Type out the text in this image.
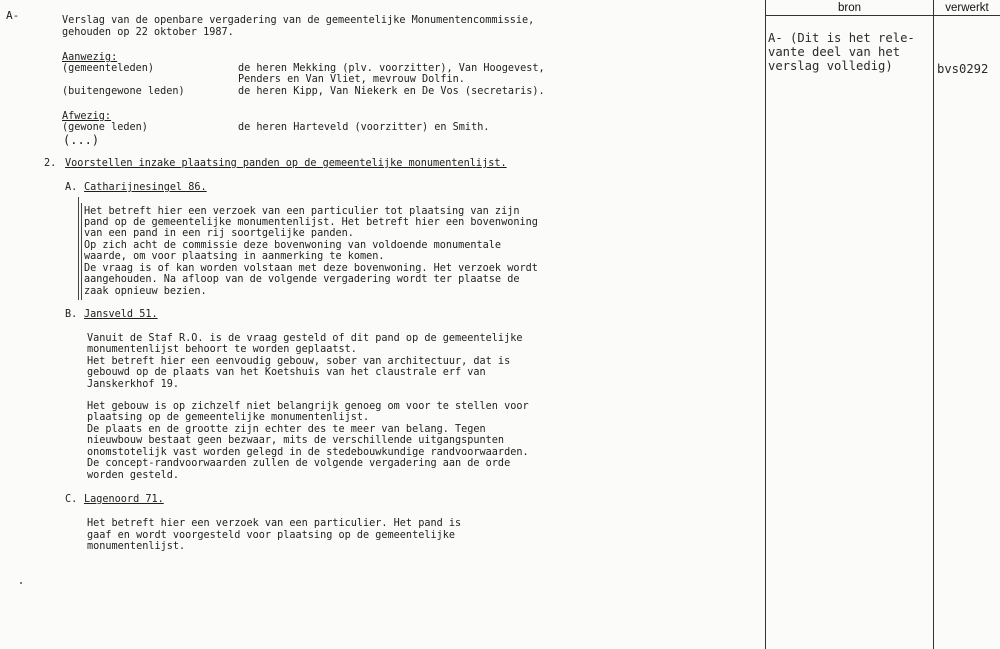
A-	Verslag van de openbare vergadering van de gemeentelijke Monumentencommissie,
gehouden op 22 oktober 1987.
Aanwezig:
(gemeenteleden)	de heren Mekking (plv. voorzitter), Van Hoogevest,
Penders en Van Vliet, mevrouw Dolfin.
(buitengewone leden)	de heren Kipp, Van Niekerk en De Vos (secretaris).
Afwezig:
(gewone leden)	de heren Harteveld (voorzitter) en Smith.
(...)
2. Voorstellen inzake plaatsing panden op de gemeentelijke monumentenlijst.
A. Catharijnesingel 86.
Het betreft hier een verzoek van een particulier tot plaatsing van zijn
pand op de gemeentelijke monumentenlijst. Het betreft hier een bovenwoning
van een pand in een rij soortgelijke panden.
Op zich acht de commissie deze bovenwoning van voldoende monumentale
waarde, om voor plaatsing in aanmerking te komen.
De vraag is of kan worden volstaan met deze bovenwoning. Het verzoek wordt
aangehouden. Na afloop van de volgende vergadering wordt ter plaatse de
zaak opnieuw bezien.
B. Jansveld 51.
Vanuit de Staf R.O. is de vraag gesteld of dit pand op de gemeentelijke
monumentenlijst behoort te worden geplaatst.
Het betreft hier een eenvoudig gebouw, sober van architectuur, dat is
gebouwd op de plaats van het Koetshuis van het claustrale erf van
Janskerkhof 19.
Het gebouw is op zichzelf niet belangrijk genoeg om voor te stellen voor
plaatsing op de gemeentelijke monumentenlijst.
De plaats en de grootte zijn echter des te meer van belang. Tegen
nieuwbouw bestaat geen bezwaar, mits de verschillende uitgangspunten
onomstotelijk vast worden gelegd in de stedebouwkundige randvoorwaarden.
De concept-randvoorwaarden zullen de volgende vergadering aan de orde
worden gesteld.
C. Lagenoord 71.
Het betreft hier een verzoek van een particulier. Het pand is
gaaf en wordt voorgesteld voor plaatsing op de gemeentelijke
monumentenlijst.
bron	verwerkt
A- (Dit is het rele-
vante deel van het
verslag volledig)	bvs0292
